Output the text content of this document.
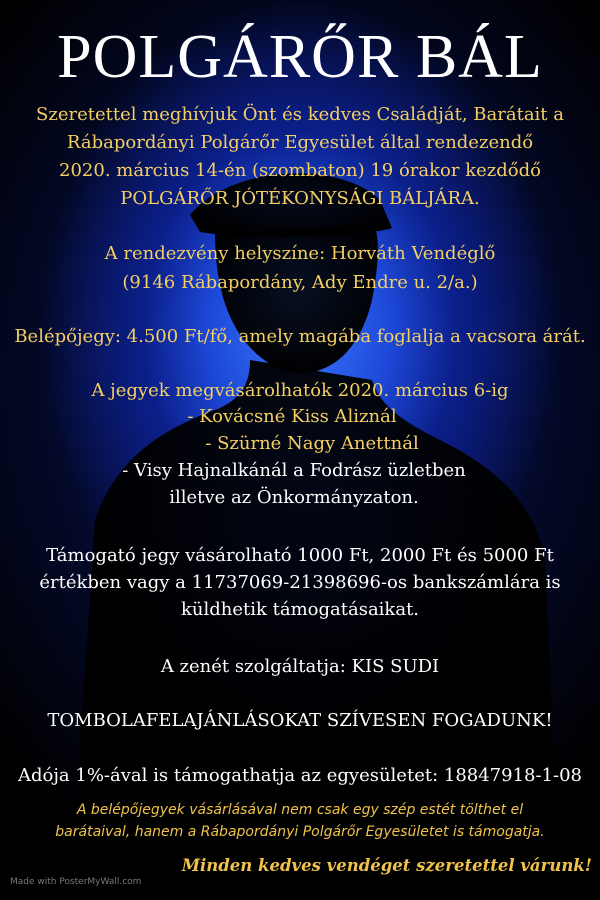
POLGÁRŐR BÁL
Szeretettel meghívjuk Önt és kedves Családját, Barátait a
Rábapordányi Polgárőr Egyesület által rendezendő
2020. március 14-én (szombaton) 19 órakor kezdődő
POLGÁRŐR JÓTÉKONYSÁGI BÁLJÁRA.
A rendezvény helyszíne: Horváth Vendéglő
(9146 Rábapordány, Ady Endre u. 2/a.)
Belépőjegy: 4.500 Ft/fő, amely magába foglalja a vacsora árát.
A jegyek megvásárolhatók 2020. március 6-ig
- Kovácsné Kiss Aliznál
- Szürné Nagy Anettnál
- Visy Hajnalkánál a Fodrász üzletben
illetve az Önkormányzaton.
Támogató jegy vásárolható 1000 Ft, 2000 Ft és 5000 Ft
értékben vagy a 11737069-21398696-os bankszámlára is
küldhetik támogatásaikat.
A zenét szolgáltatja: KIS SUDI
TOMBOLAFELAJÁNLÁSOKAT SZÍVESEN FOGADUNK!
Adója 1%-ával is támogathatja az egyesületet: 18847918-1-08
A belépőjegyek vásárlásával nem csak egy szép estét tölthet el
barátaival, hanem a Rábapordányi Polgárőr Egyesületet is támogatja.
Minden kedves vendéget szeretettel várunk!
Made with PosterMyWall.com
